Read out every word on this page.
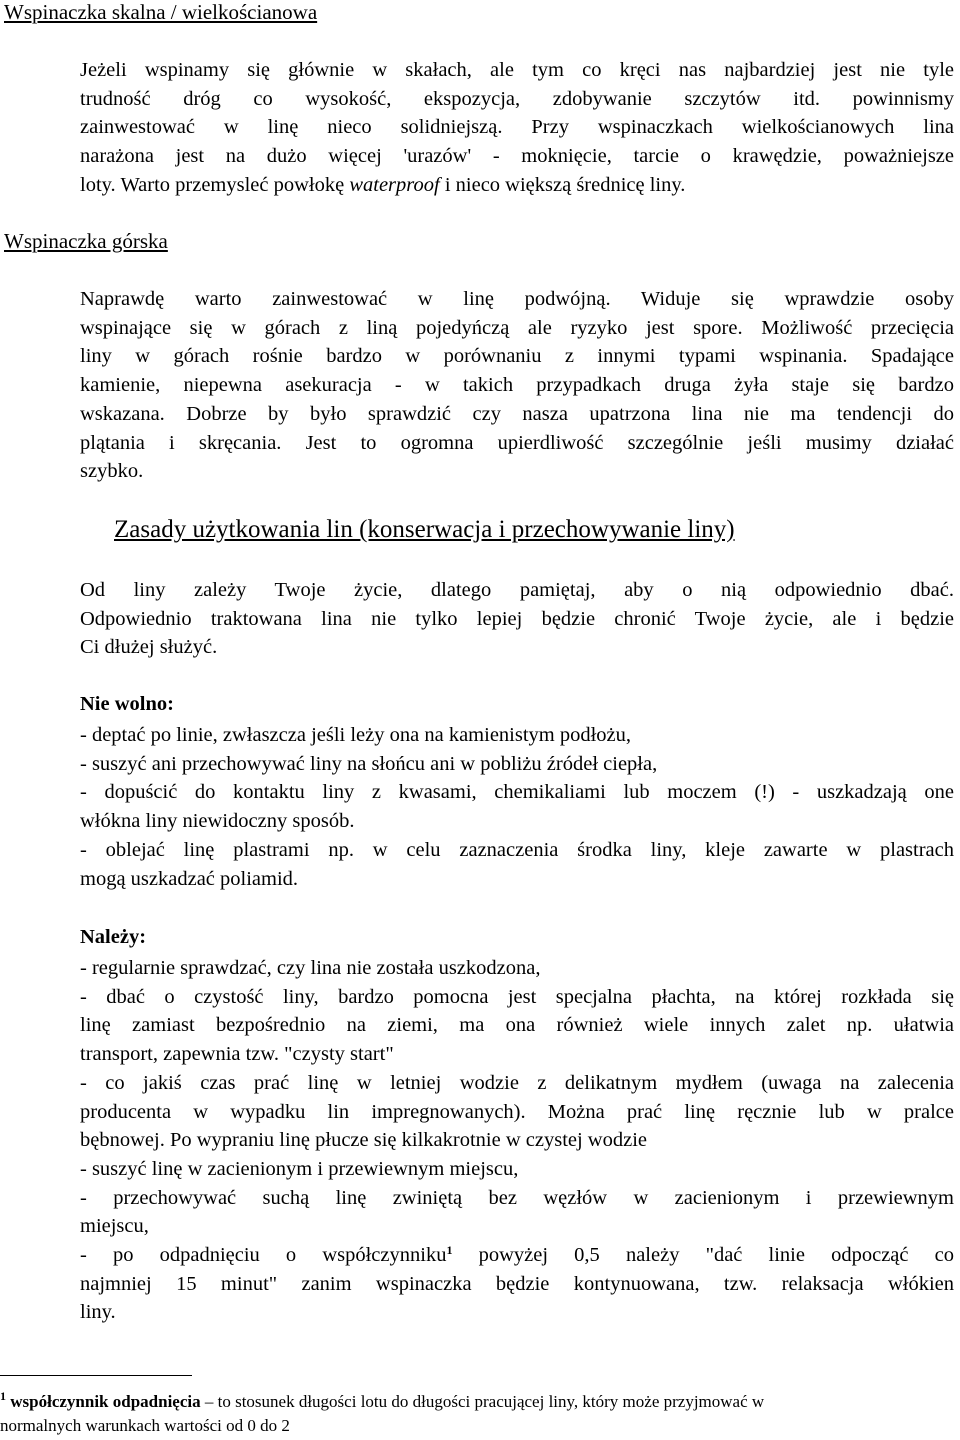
Wspinaczka skalna / wielkościanowa
Jeżeli wspinamy się głównie w skałach, ale tym co kręci nas najbardziej jest nie tyle
trudność dróg co wysokość, ekspozycja, zdobywanie szczytów itd. powinnismy
zainwestować w linę nieco solidniejszą. Przy wspinaczkach wielkościanowych lina
narażona jest na dużo więcej 'urazów' - moknięcie, tarcie o krawędzie, poważniejsze
loty. Warto przemysleć powłokę waterproof i nieco większą średnicę liny.
Wspinaczka górska
Naprawdę warto zainwestować w linę podwójną. Widuje się wprawdzie osoby
wspinające się w górach z liną pojedyńczą ale ryzyko jest spore. Możliwość przecięcia
liny w górach rośnie bardzo w porównaniu z innymi typami wspinania. Spadające
kamienie, niepewna asekuracja - w takich przypadkach druga żyła staje się bardzo
wskazana. Dobrze by było sprawdzić czy nasza upatrzona lina nie ma tendencji do
plątania i skręcania. Jest to ogromna upierdliwość szczególnie jeśli musimy działać
szybko.
Zasady użytkowania lin (konserwacja i przechowywanie liny)
Od liny zależy Twoje życie, dlatego pamiętaj, aby o nią odpowiednio dbać.
Odpowiednio traktowana lina nie tylko lepiej będzie chronić Twoje życie, ale i będzie
Ci dłużej służyć.

Nie wolno:

- deptać po linie, zwłaszcza jeśli leży ona na kamienistym podłożu,
- suszyć ani przechowywać liny na słońcu ani w pobliżu źródeł ciepła,
- dopuścić do kontaktu liny z kwasami, chemikaliami lub moczem (!) - uszkadzają one
włókna liny niewidoczny sposób.
- oblejać linę plastrami np. w celu zaznaczenia środka liny, kleje zawarte w plastrach
mogą uszkadzać poliamid.

Należy:

- regularnie sprawdzać, czy lina nie została uszkodzona,
- dbać o czystość liny, bardzo pomocna jest specjalna płachta, na której rozkłada się
linę zamiast bezpośrednio na ziemi, ma ona również wiele innych zalet np. ułatwia
transport, zapewnia tzw. "czysty start"
- co jakiś czas prać linę w letniej wodzie z delikatnym mydłem (uwaga na zalecenia
producenta w wypadku lin impregnowanych). Można prać linę ręcznie lub w pralce
bębnowej. Po wypraniu linę płucze się kilkakrotnie w czystej wodzie
- suszyć linę w zacienionym i przewiewnym miejscu,
- przechowywać suchą linę zwiniętą bez węzłów w zacienionym i przewiewnym
miejscu,
- po odpadnięciu o współczynniku$^1$ powyżej 0,5 należy "dać linie odpocząć co
najmniej 15 minut" zanim wspinaczka będzie kontynuowana, tzw. relaksacja włókien
liny.
$^1$ współczynnik odpadnięcia – to stosunek długości lotu do długości pracującej liny, który może przyjmować w
normalnych warunkach wartości od 0 do 2
